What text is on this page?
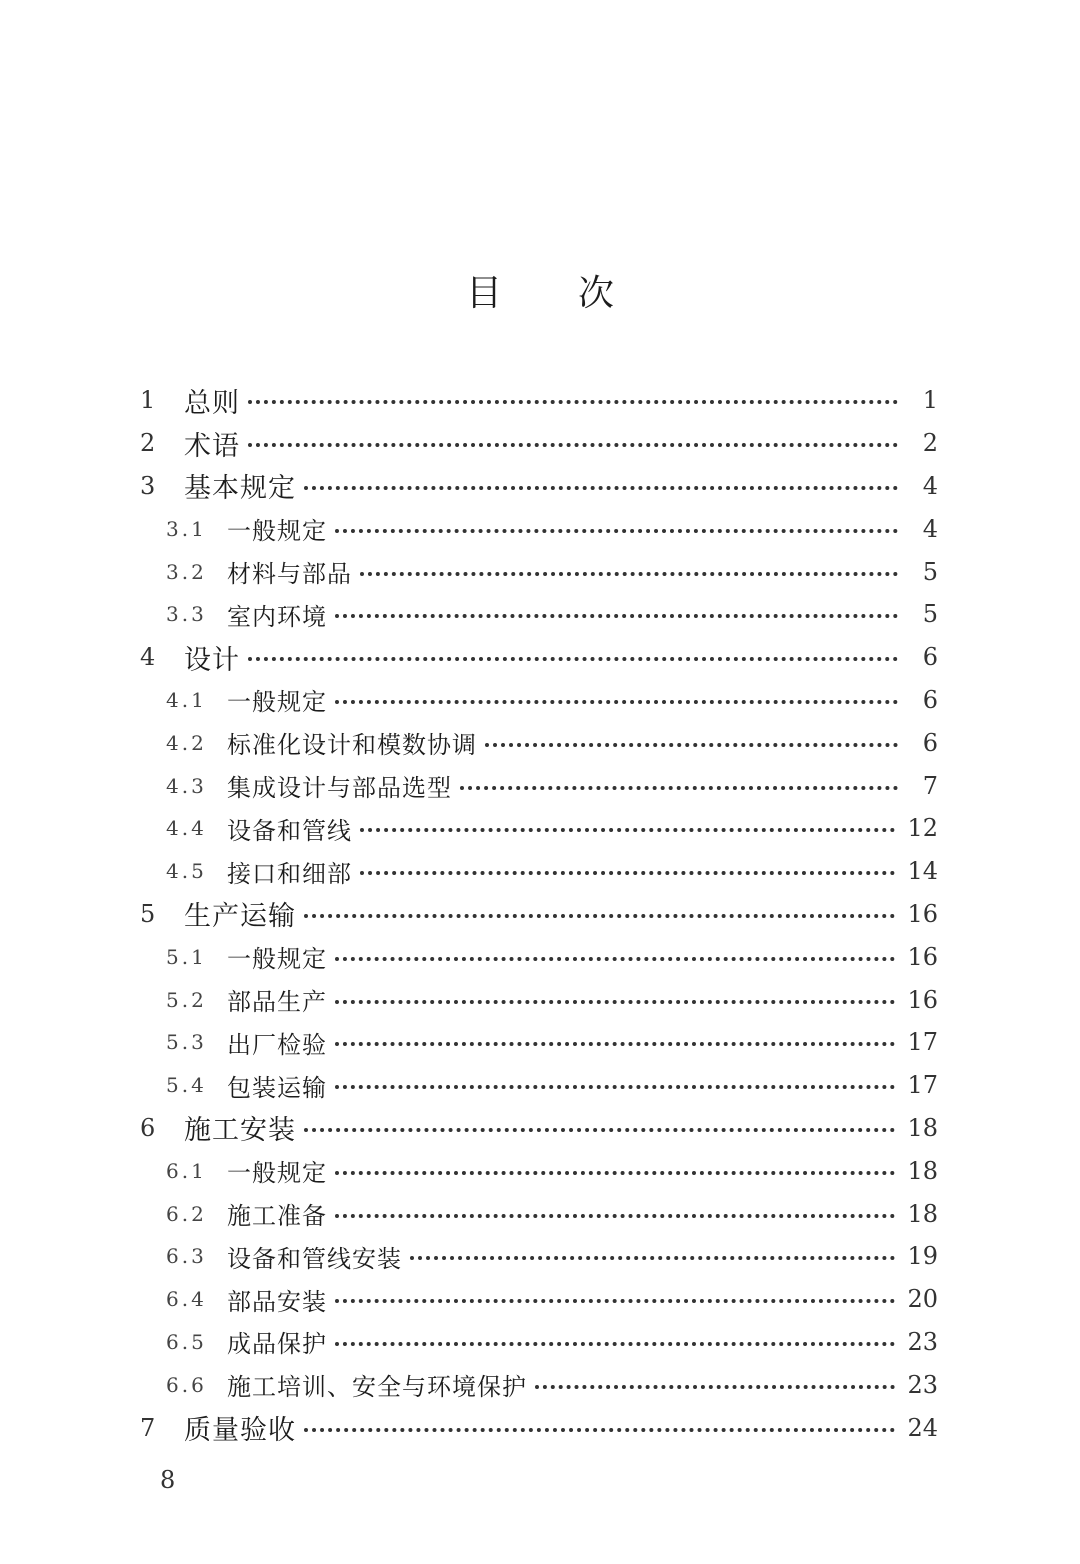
目 次
1	总则	1
2	术语	2
3	基本规定	4
3.1 一般规定	4
3.2 材料与部品	5
3.3 室内环境	5
4	设计	6
4.1 一般规定	6
4.2 标准化设计和模数协调	6
4.3 集成设计与部品选型	7
4.4 设备和管线	12
4.5 接口和细部	14
5	生产运输	16
5.1 一般规定	16
5.2 部品生产	16
5.3 出厂检验	17
5.4 包装运输	17
6	施工安装	18
6.1 一般规定	18
6.2 施工准备	18
6.3 设备和管线安装	19
6.4 部品安装	20
6.5 成品保护	23
6.6 施工培训、安全与环境保护	23
7	质量验收	24
8
